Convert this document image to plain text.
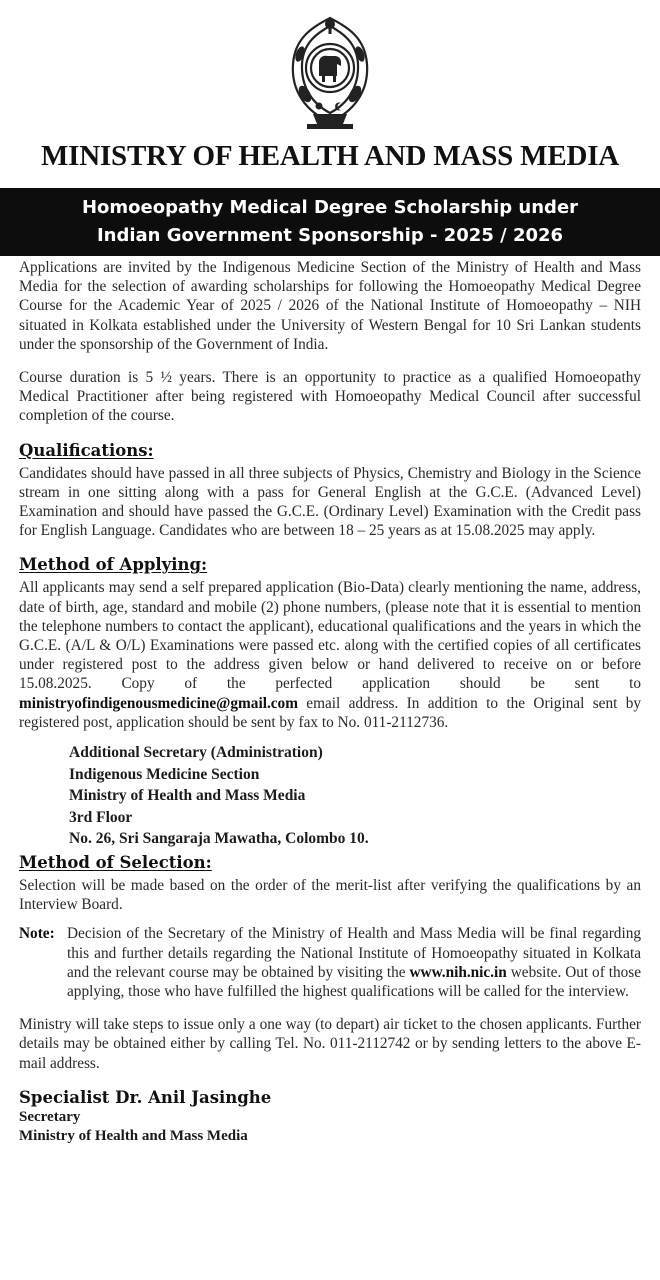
MINISTRY OF HEALTH AND MASS MEDIA
Homoeopathy Medical Degree Scholarship under
Indian Government Sponsorship - 2025 / 2026

Applications are invited by the Indigenous Medicine Section of the Ministry of Health and Mass Media for the selection of awarding scholarships for following the Homoeopathy Medical Degree Course for the Academic Year of 2025 / 2026 of the National Institute of Homoeopathy – NIH situated in Kolkata established under the University of Western Bengal for 10 Sri Lankan students under the sponsorship of the Government of India.

Course duration is 5 ½ years. There is an opportunity to practice as a qualified Homoeopathy Medical Practitioner after being registered with Homoeopathy Medical Council after successful completion of the course.

Qualifications:

Candidates should have passed in all three subjects of Physics, Chemistry and Biology in the Science stream in one sitting along with a pass for General English at the G.C.E. (Advanced Level) Examination and should have passed the G.C.E. (Ordinary Level) Examination with the Credit pass for English Language. Candidates who are between 18 – 25 years as at 15.08.2025 may apply.

Method of Applying:

All applicants may send a self prepared application (Bio-Data) clearly mentioning the name, address, date of birth, age, standard and mobile (2) phone numbers, (please note that it is essential to mention the telephone numbers to contact the applicant), educational qualifications and the years in which the G.C.E. (A/L & O/L) Examinations were passed etc. along with the certified copies of all certificates under registered post to the address given below or hand delivered to receive on or before 15.08.2025. Copy of the perfected application should be sent to ministryofindigenousmedicine@gmail.com email address. In addition to the Original sent by registered post, application should be sent by fax to No. 011-2112736.

Additional Secretary (Administration)
Indigenous Medicine Section
Ministry of Health and Mass Media
3rd Floor
No. 26, Sri Sangaraja Mawatha, Colombo 10.
Method of Selection:

Selection will be made based on the order of the merit-list after verifying the qualifications by an Interview Board.

Note: Decision of the Secretary of the Ministry of Health and Mass Media will be final regarding this and further details regarding the National Institute of Homoeopathy situated in Kolkata and the relevant course may be obtained by visiting the www.nih.nic.in website. Out of those applying, those who have fulfilled the highest qualifications will be called for the interview.

Ministry will take steps to issue only a one way (to depart) air ticket to the chosen applicants. Further details may be obtained either by calling Tel. No. 011-2112742 or by sending letters to the above E-mail address.

Specialist Dr. Anil Jasinghe
Secretary
Ministry of Health and Mass Media
